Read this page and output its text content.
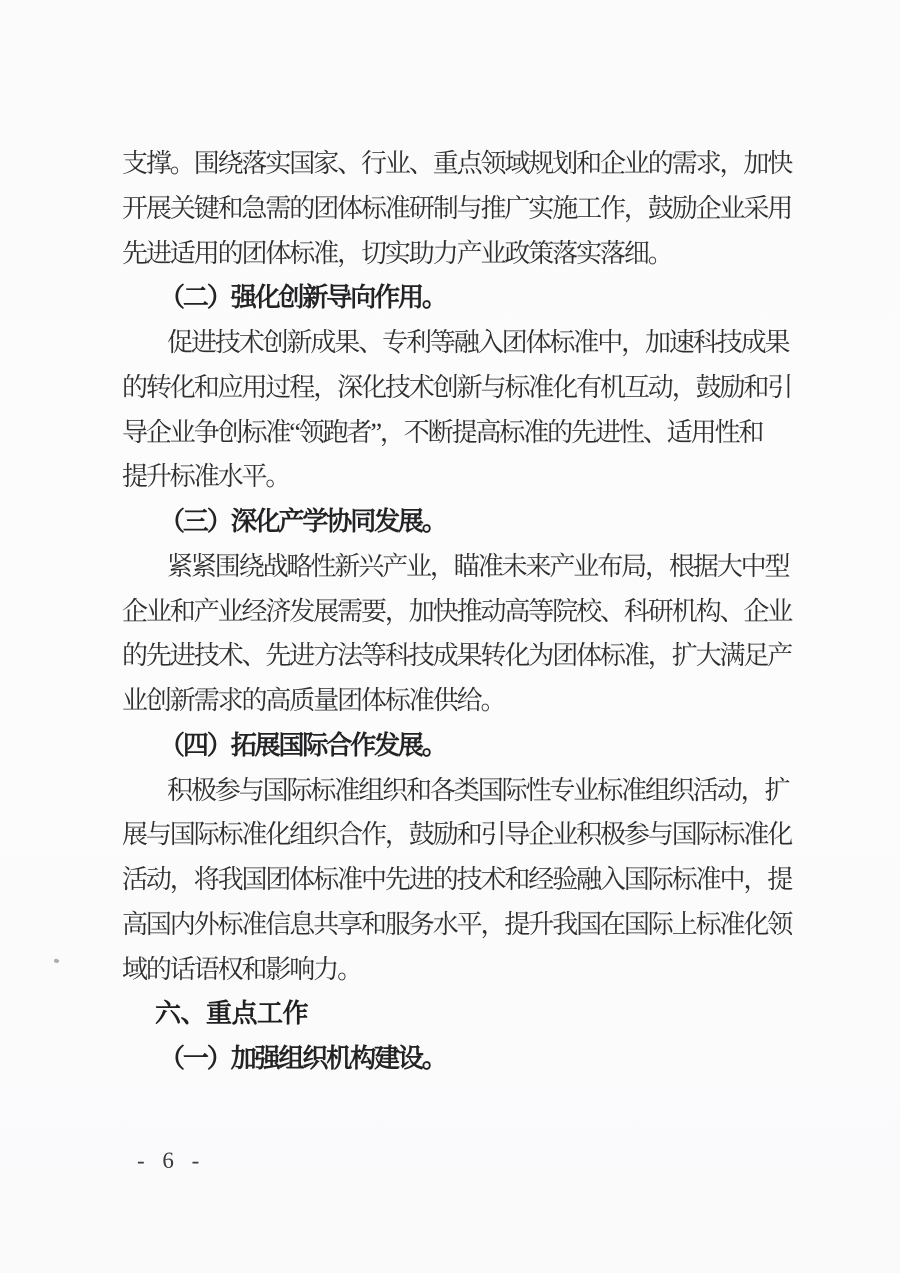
支撑。围绕落实国家、行业、重点领域规划和企业的需求，加快
开展关键和急需的团体标准研制与推广实施工作，鼓励企业采用
先进适用的团体标准，切实助力产业政策落实落细。
（二）强化创新导向作用。
促进技术创新成果、专利等融入团体标准中，加速科技成果
的转化和应用过程，深化技术创新与标准化有机互动，鼓励和引
导企业争创标准“领跑者”，不断提高标准的先进性、适用性和
提升标准水平。
（三）深化产学协同发展。
紧紧围绕战略性新兴产业，瞄准未来产业布局，根据大中型
企业和产业经济发展需要，加快推动高等院校、科研机构、企业
的先进技术、先进方法等科技成果转化为团体标准，扩大满足产
业创新需求的高质量团体标准供给。
（四）拓展国际合作发展。
积极参与国际标准组织和各类国际性专业标准组织活动，扩
展与国际标准化组织合作，鼓励和引导企业积极参与国际标准化
活动，将我国团体标准中先进的技术和经验融入国际标准中，提
高国内外标准信息共享和服务水平，提升我国在国际上标准化领
域的话语权和影响力。
六、重点工作
（一）加强组织机构建设。
- 6 -
